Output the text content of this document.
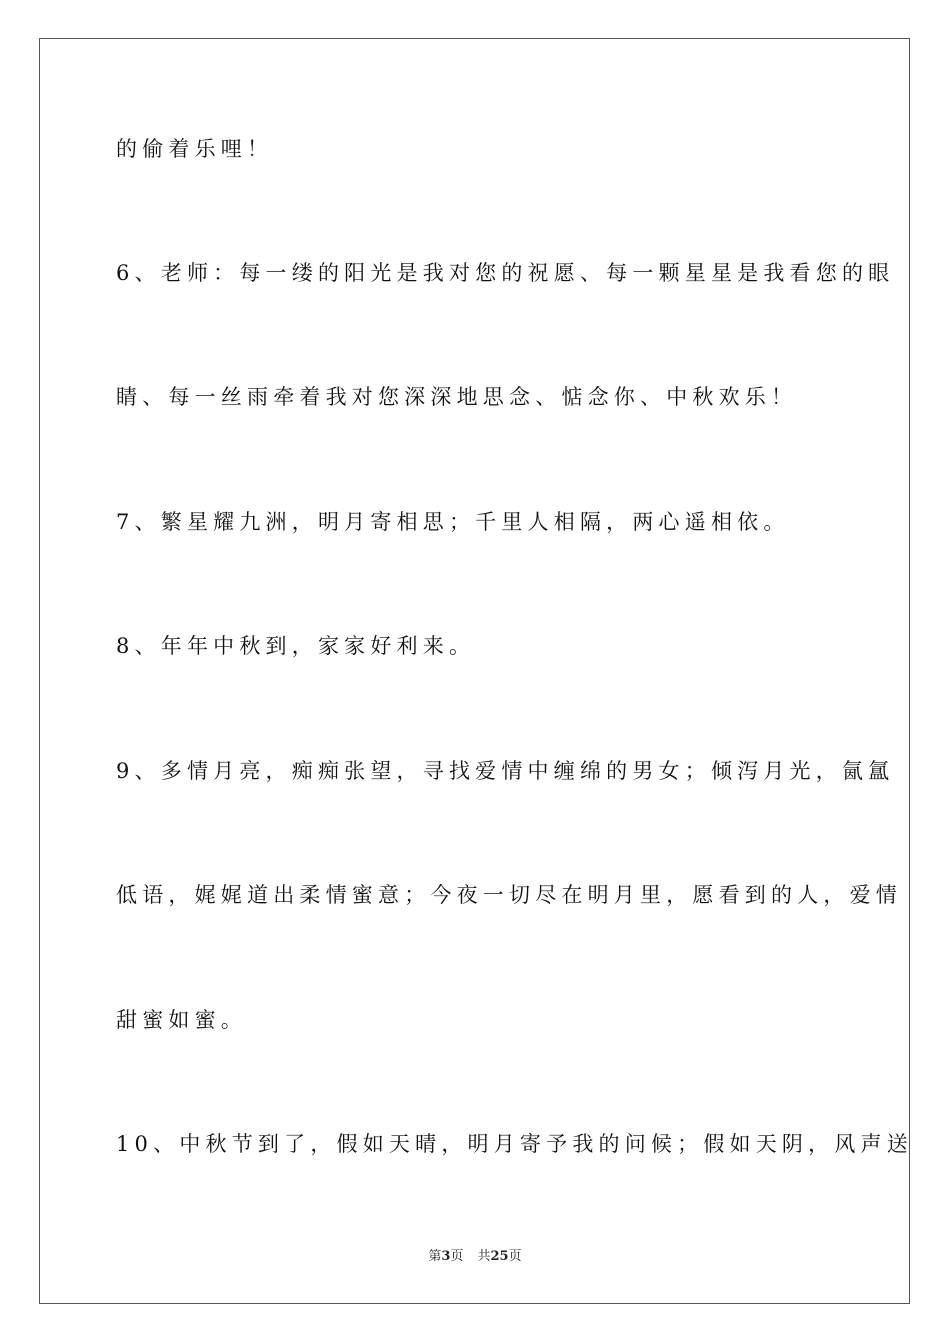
的偷着乐哩！
6、老师：每一缕的阳光是我对您的祝愿、每一颗星星是我看您的眼
睛、每一丝雨牵着我对您深深地思念、惦念你、中秋欢乐！
7、繁星耀九洲，明月寄相思；千里人相隔，两心遥相依。
8、年年中秋到，家家好利来。
9、多情月亮，痴痴张望，寻找爱情中缠绵的男女；倾泻月光，氤氲
低语，娓娓道出柔情蜜意；今夜一切尽在明月里，愿看到的人，爱情
甜蜜如蜜。
10、中秋节到了，假如天晴，明月寄予我的问候；假如天阴，风声送
第3页 共25页
